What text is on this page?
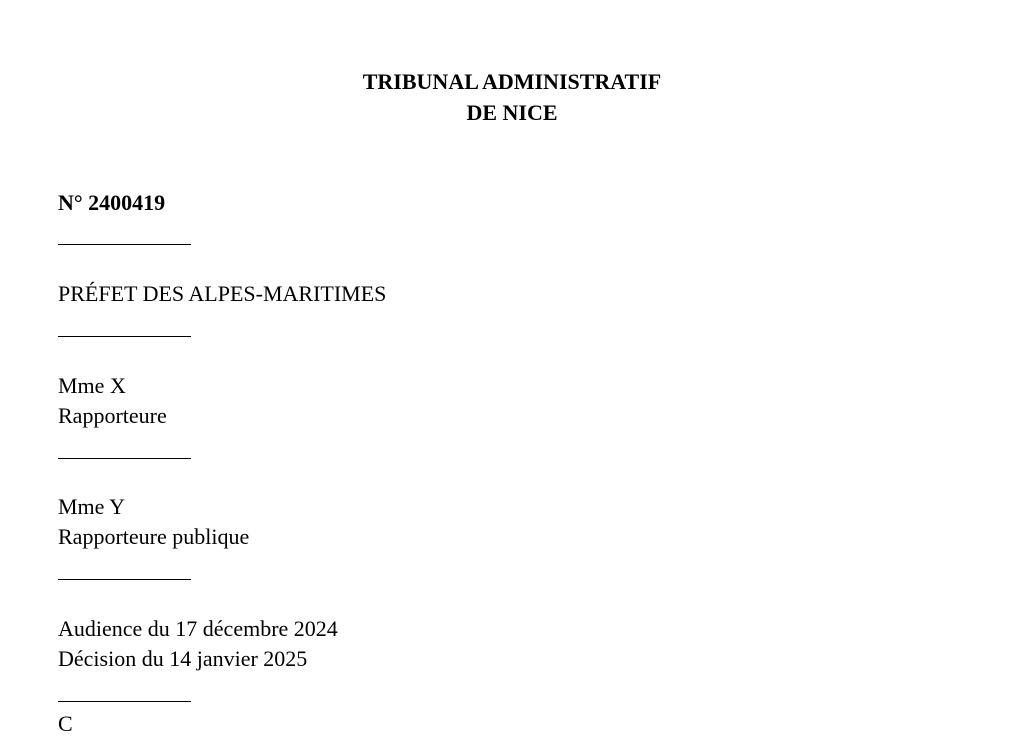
TRIBUNAL ADMINISTRATIF
DE NICE
N° 2400419
PRÉFET DES ALPES-MARITIMES
Mme X
Rapporteure
Mme Y
Rapporteure publique
Audience du 17 décembre 2024
Décision du 14 janvier 2025
C
